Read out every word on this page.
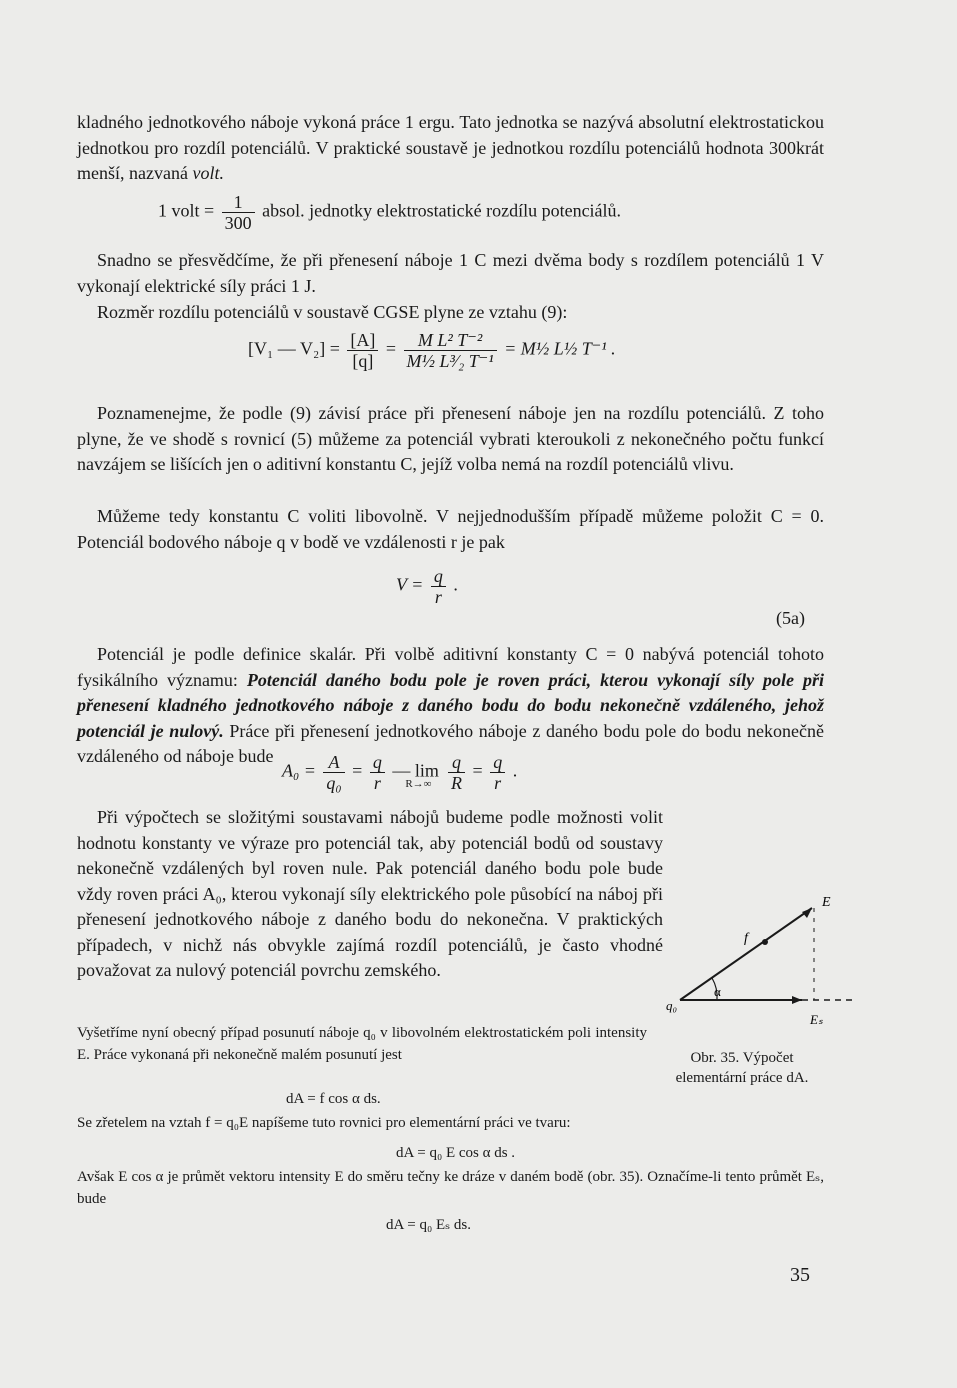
kladného jednotkového náboje vykoná práce 1 ergu. Tato jednotka se nazývá absolutní elektrostatickou jednotkou pro rozdíl potenciálů. V praktické soustavě je jednotkou rozdílu potenciálů hodnota 300krát menší, nazvaná volt.

1 volt = $\frac{1}{300}$ absol. jednotky elektrostatické rozdílu potenciálů.

Snadno se přesvědčíme, že při přenesení náboje 1 C mezi dvěma body s rozdílem potenciálů 1 V vykonají elektrické síly práci 1 J.

Rozměr rozdílu potenciálů v soustavě CGSE plyne ze vztahu (9):

[V₁ — $V_2] = \frac{[A]}{[q]} = \frac{\text{M L² T⁻²}}{\text{M½ L³⁄₂ T⁻¹}}$ = M½ L½ T⁻¹ .

Poznamenejme, že podle (9) závisí práce při přenesení náboje jen na rozdílu potenciálů. Z toho plyne, že ve shodě s rovnicí (5) můžeme za potenciál vybrati kteroukoli z nekonečného počtu funkcí navzájem se lišících jen o aditivní konstantu C, jejíž volba nemá na rozdíl potenciálů vlivu.

Můžeme tedy konstantu C voliti libovolně. V nejjednodušším případě můžeme položit C = 0. Potenciál bodového náboje q v bodě ve vzdálenosti r je pak

$V = \frac{q}{r}$ .
(5a)

Potenciál je podle definice skalár. Při volbě aditivní konstanty C = 0 nabývá potenciál tohoto fysikálního významu: Potenciál daného bodu pole je roven práci, kterou vykonají síly pole při přenesení kladného jednotkového náboje z daného bodu do bodu nekonečně vzdáleného, jehož potenciál je nulový. Práce při přenesení jednotkového náboje z daného bodu pole do bodu nekonečně vzdáleného od náboje bude

$A_0 = \frac{A}{\text{q₀}} = \frac{q}{r}$ — $\lim _{R\to\infty} \frac{q}{R} = \frac{q}{r}$ .

Při výpočtech se složitými soustavami nábojů budeme podle možnosti volit hodnotu konstanty ve výraze pro potenciál tak, aby potenciál bodů od soustavy nekonečně vzdálených byl roven nule. Pak potenciál daného bodu pole bude vždy roven práci A₀, kterou vykonají síly elektrického pole působící na náboj při přenesení jednotkového náboje z daného bodu do nekonečna. V praktických případech, v nichž nás obvykle zajímá rozdíl potenciálů, je často vhodné považovat za nulový potenciál povrchu zemského.

Vyšetříme nyní obecný případ posunutí náboje q₀ v libovolném elektrostatickém poli intensity E. Práce vykonaná při nekonečně malém posunutí jest

dA = f cos α ds.

Se zřetelem na vztah f = q₀E napíšeme tuto rovnici pro elementární práci ve tvaru:

dA = q₀ E cos α ds .

Avšak E cos α je průmět vektoru intensity E do směru tečny ke dráze v daném bodě (obr. 35). Označíme-li tento průmět Eₛ, bude

dA = q₀ Eₛ ds.
E
f
α
q₀
Eₛ
Obr. 35. Výpočet elementární práce dA.
35
